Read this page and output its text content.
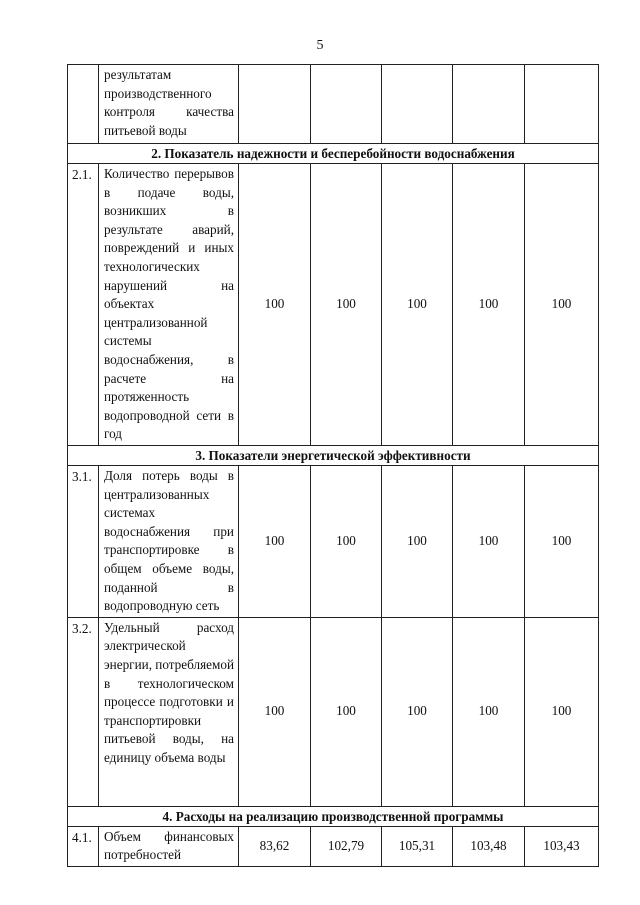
5
	результатам производственного контроля качества питьевой воды					
2. Показатель надежности и бесперебойности водоснабжения						
2.1.	Количество перерывов в подаче воды, возникших в результате аварий, повреждений и иных технологических нарушений на объектах централизованной системы водоснабжения, в расчете на протяженность водопроводной сети в год	100	100	100	100	100
3. Показатели энергетической эффективности						
3.1.	Доля потерь воды в централизованных системах водоснабжения при транспортировке в общем объеме воды, поданной в водопроводную сеть	100	100	100	100	100
3.2.	Удельный расход электрической энергии, потребляемой в технологическом процессе подготовки и транспортировки питьевой воды, на единицу объема воды	100	100	100	100	100
4. Расходы на реализацию производственной программы						
4.1.	Объем финансовых потребностей	83,62	102,79	105,31	103,48	103,43
